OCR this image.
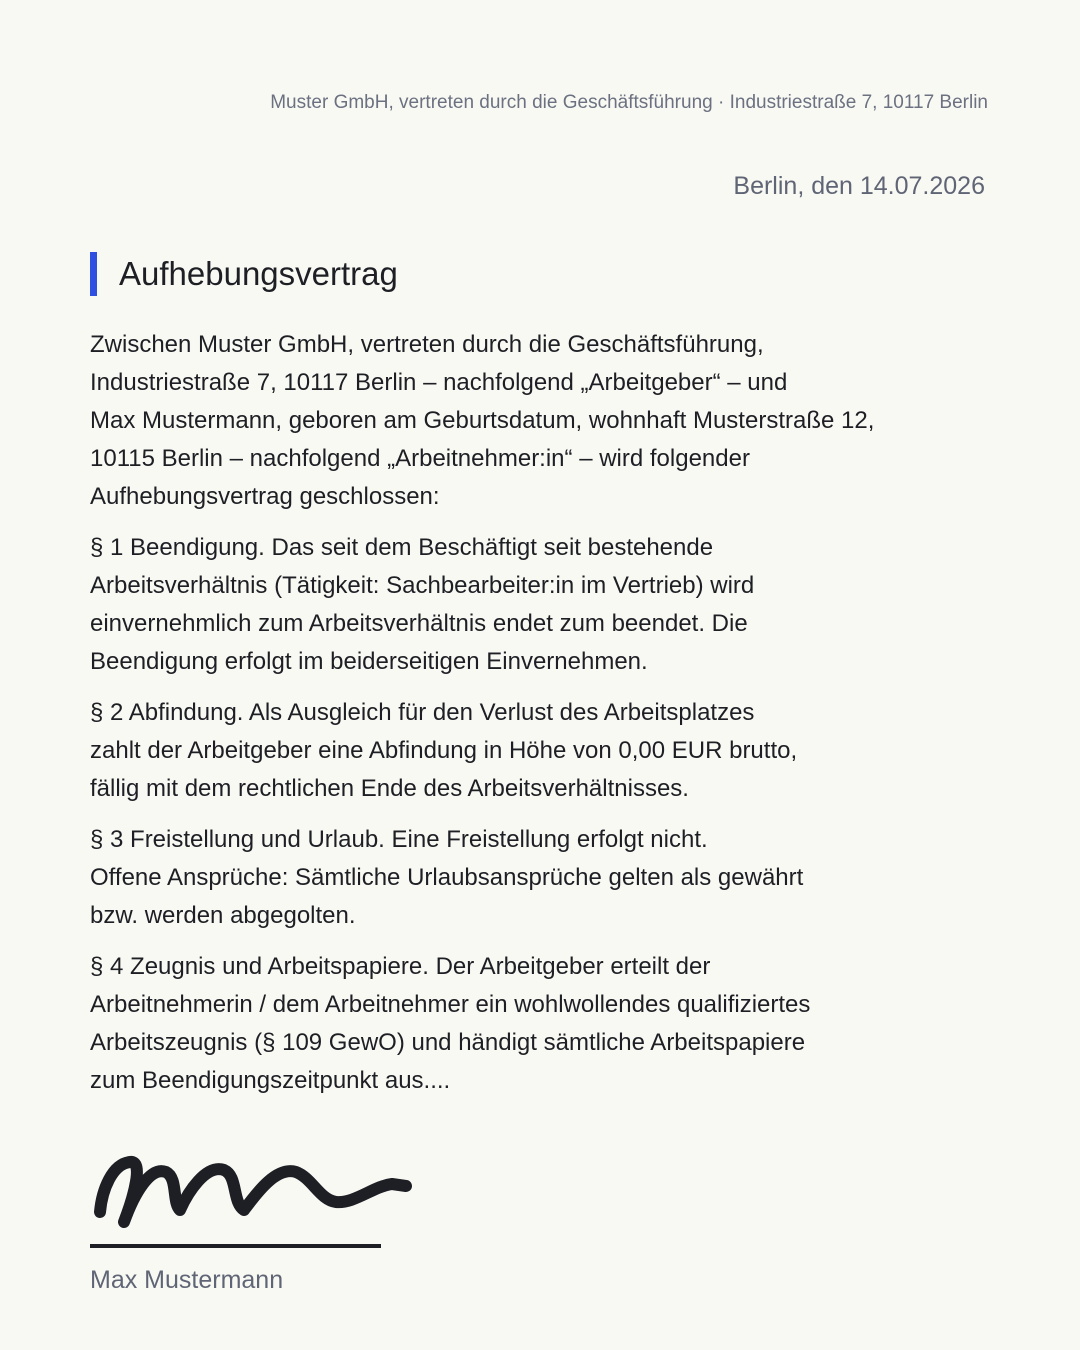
Muster GmbH, vertreten durch die Geschäftsführung · Industriestraße 7, 10117 Berlin
Berlin, den 14.07.2026
Aufhebungsvertrag

Zwischen Muster GmbH, vertreten durch die Geschäftsführung,
Industriestraße 7, 10117 Berlin – nachfolgend „Arbeitgeber“ – und
Max Mustermann, geboren am Geburtsdatum, wohnhaft Musterstraße 12,
10115 Berlin – nachfolgend „Arbeitnehmer:in“ – wird folgender
Aufhebungsvertrag geschlossen:

§ 1 Beendigung. Das seit dem Beschäftigt seit bestehende
Arbeitsverhältnis (Tätigkeit: Sachbearbeiter:in im Vertrieb) wird
einvernehmlich zum Arbeitsverhältnis endet zum beendet. Die
Beendigung erfolgt im beiderseitigen Einvernehmen.

§ 2 Abfindung. Als Ausgleich für den Verlust des Arbeitsplatzes
zahlt der Arbeitgeber eine Abfindung in Höhe von 0,00 EUR brutto,
fällig mit dem rechtlichen Ende des Arbeitsverhältnisses.

§ 3 Freistellung und Urlaub. Eine Freistellung erfolgt nicht.
Offene Ansprüche: Sämtliche Urlaubsansprüche gelten als gewährt
bzw. werden abgegolten.

§ 4 Zeugnis und Arbeitspapiere. Der Arbeitgeber erteilt der
Arbeitnehmerin / dem Arbeitnehmer ein wohlwollendes qualifiziertes
Arbeitszeugnis (§ 109 GewO) und händigt sämtliche Arbeitspapiere
zum Beendigungszeitpunkt aus....

Max Mustermann
